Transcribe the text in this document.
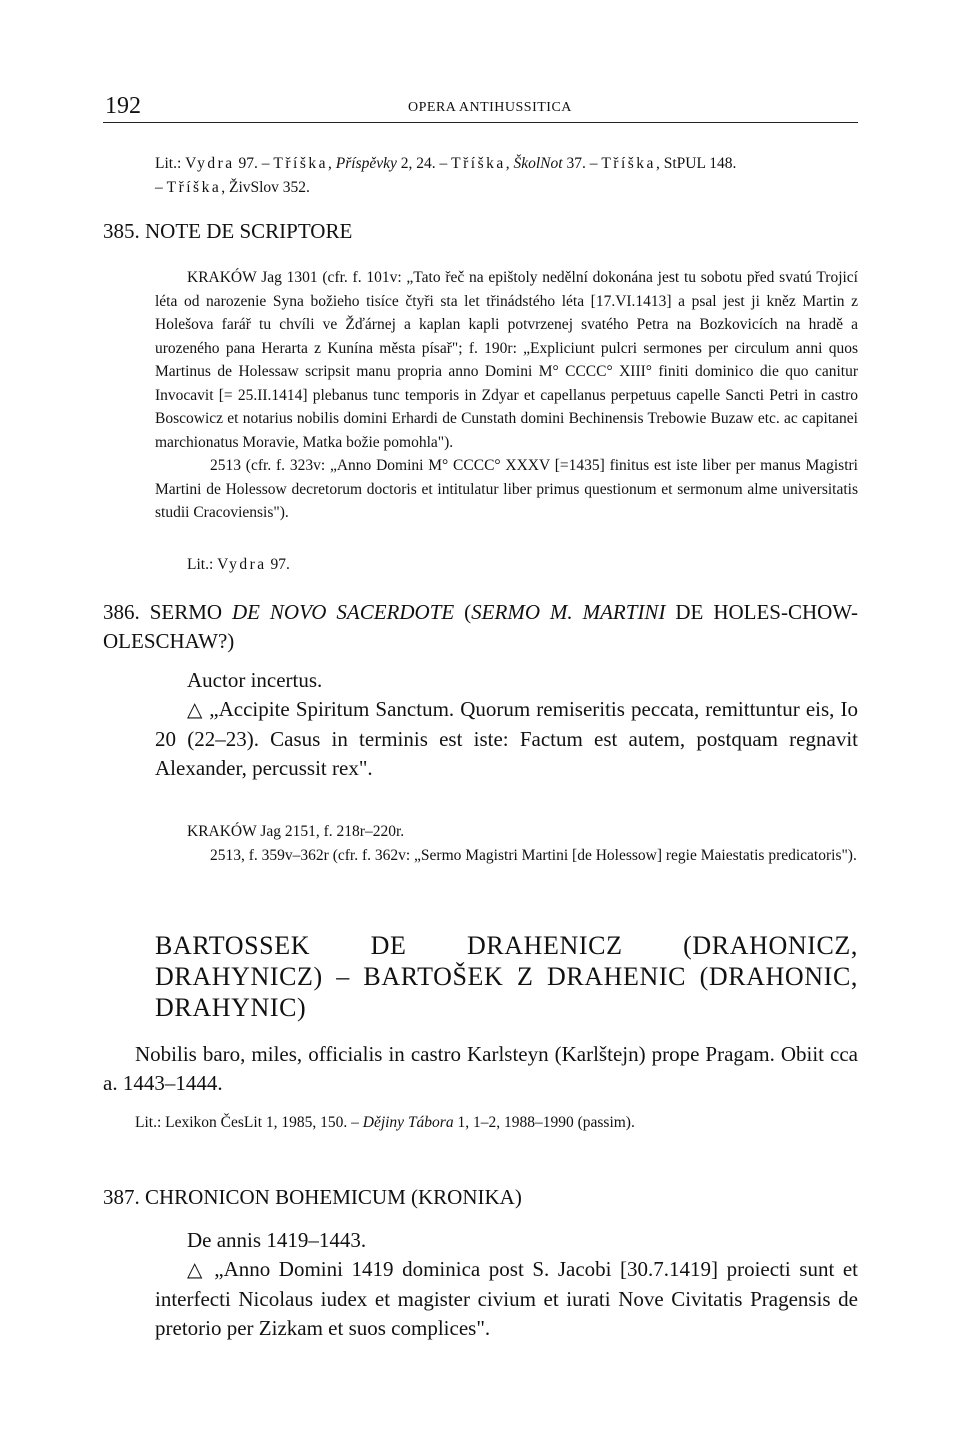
192	OPERA ANTIHUSSITICA
Lit.: Vydra 97. – Tříška, Příspěvky 2, 24. – Tříška, ŠkolNot 37. – Tříška, StPUL 148.
– Tříška, ŽivSlov 352.
385. NOTE DE SCRIPTORE

KRAKÓW Jag 1301 (cfr. f. 101v: „Tato řeč na epištoly nedělní dokonána jest tu sobotu před svatú Trojicí léta od narozenie Syna božieho tisíce čtyři sta let třinádstého léta [17.VI.1413] a psal jest ji kněz Martin z Holešova farář tu chvíli ve Žďárnej a kaplan kapli potvrzenej svatého Petra na Bozkovicích na hradě a urozeného pana Herarta z Kunína města písař"; f. 190r: „Expliciunt pulcri sermones per circulum anni quos Martinus de Holessaw scripsit manu propria anno Domini M° CCCC° XIII° finiti dominico die quo canitur Invocavit [= 25.II.1414] plebanus tunc temporis in Zdyar et capellanus perpetuus capelle Sancti Petri in castro Boscowicz et notarius nobilis domini Erhardi de Cunstath domini Bechinensis Trebowie Buzaw etc. ac capitanei marchionatus Moravie, Matka božie pomohla").

2513 (cfr. f. 323v: „Anno Domini M° CCCC° XXXV [=1435] finitus est iste liber per manus Magistri Martini de Holessow decretorum doctoris et intitulatur liber primus questionum et sermonum alme universitatis studii Cracoviensis").

Lit.: Vydra 97.
386. SERMO DE NOVO SACERDOTE (SERMO M. MARTINI DE HOLES-CHOW-OLESCHAW?)

Auctor incertus.

△ „Accipite Spiritum Sanctum. Quorum remiseritis peccata, remittuntur eis, Io 20 (22–23). Casus in terminis est iste: Factum est autem, postquam regnavit Alexander, percussit rex".

KRAKÓW Jag 2151, f. 218r–220r.

2513, f. 359v–362r (cfr. f. 362v: „Sermo Magistri Martini [de Holessow] regie Maiestatis predicatoris").

BARTOSSEK DE DRAHENICZ (DRAHONICZ, DRAHYNICZ) – BARTOŠEK Z DRAHENIC (DRAHONIC, DRAHYNIC)
Nobilis baro, miles, officialis in castro Karlsteyn (Karlštejn) prope Pragam. Obiit cca a. 1443–1444.
Lit.: Lexikon ČesLit 1, 1985, 150. – Dějiny Tábora 1, 1–2, 1988–1990 (passim).
387. CHRONICON BOHEMICUM (KRONIKA)

De annis 1419–1443.

△ „Anno Domini 1419 dominica post S. Jacobi [30.7.1419] proiecti sunt et interfecti Nicolaus iudex et magister civium et iurati Nove Civitatis Pragensis de pretorio per Zizkam et suos complices".
